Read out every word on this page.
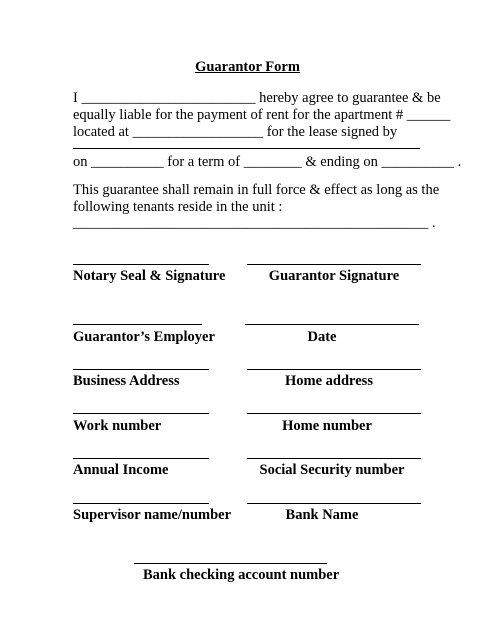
Guarantor Form
I ________________________ hereby agree to guarantee & be
equally liable for the payment of rent for the apartment # ______
located at __________________ for the lease signed by
on __________ for a term of ________ & ending on __________ .
This guarantee shall remain in full force & effect as long as the
following tenants reside in the unit :
_________________________________________________ .
Notary Seal & Signature	Guarantor Signature
Guarantor’s Employer	Date
Business Address	Home address
Work number	Home number
Annual Income	Social Security number
Supervisor name/number	Bank Name
Bank checking account number
